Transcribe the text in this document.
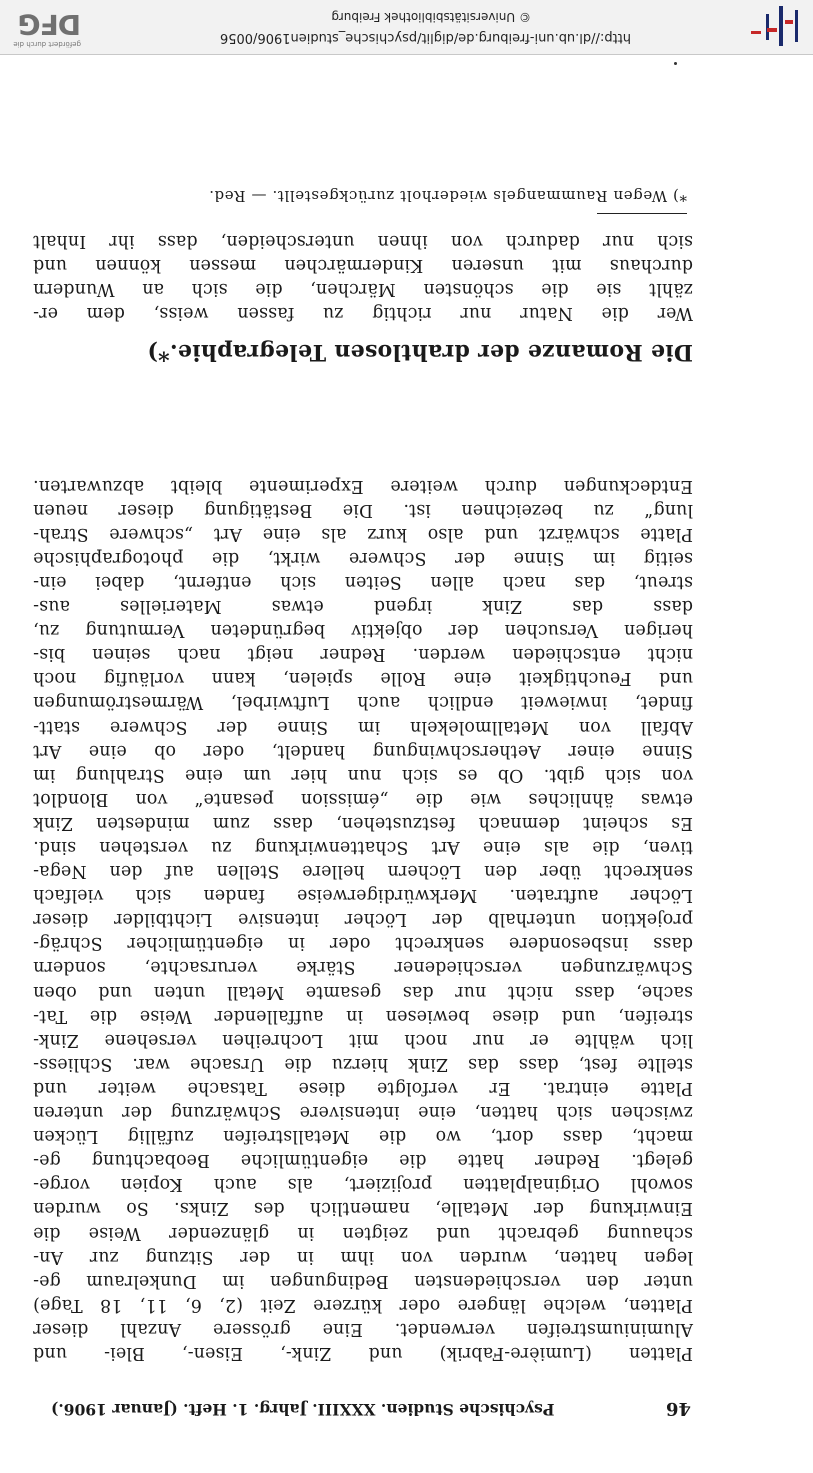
46
Psychische Studien. XXXIII. Jahrg. 1. Heft. (Januar 1906.)
Platten (Lumière-Fabrik) und Zink-, Eisen-, Blei- und
Aluminiumstreifen verwendet. Eine grössere Anzahl dieser
Platten, welche längere oder kürzere Zeit (2, 6, 11, 18 Tage)
unter den verschiedensten Bedingungen im Dunkelraum ge-
legen hatten, wurden von ihm in der Sitzung zur An-
schauung gebracht und zeigten in glänzender Weise die
Einwirkung der Metalle, namentlich des Zinks. So wurden
sowohl Originalplatten projiziert, als auch Kopien vorge-
gelegt. Redner hatte die eigentümliche Beobachtung ge-
macht, dass dort, wo die Metallstreifen zufällig Lücken
zwischen sich hatten, eine intensivere Schwärzung der unteren
Platte eintrat. Er verfolgte diese Tatsache weiter und
stellte fest, dass das Zink hierzu die Ursache war. Schliess-
lich wählte er nur noch mit Lochreihen versehene Zink-
streifen, und diese bewiesen in auffallender Weise die Tat-
sache, dass nicht nur das gesamte Metall unten und oben
Schwärzungen verschiedener Stärke verursachte, sondern
dass insbesondere senkrecht oder in eigentümlicher Schräg-
projektion unterhalb der Löcher intensive Lichtbilder dieser
Löcher auftraten. Merkwürdigerweise fanden sich vielfach
senkrecht über den Löchern hellere Stellen auf den Nega-
tiven, die als eine Art Schattenwirkung zu verstehen sind.
Es scheint demnach festzustehen, dass zum mindesten Zink
etwas ähnliches wie die „émission pesante“ von Blondlot
von sich gibt. Ob es sich nun hier um eine Strahlung im
Sinne einer Aetherschwingung handelt, oder ob eine Art
Abfall von Metallmolekeln im Sinne der Schwere statt-
findet, inwieweit endlich auch Luftwirbel, Wärmeströmungen
und Feuchtigkeit eine Rolle spielen, kann vorläufig noch
nicht entschieden werden. Redner neigt nach seinen bis-
herigen Versuchen der objektiv begründeten Vermutung zu,
dass das Zink irgend etwas Materielles aus-
streut, das nach allen Seiten sich entfernt, dabei ein-
seitig im Sinne der Schwere wirkt, die photographische
Platte schwärzt und also kurz als eine Art „schwere Strah-
lung“ zu bezeichnen ist. Die Bestätigung dieser neuen
Entdeckungen durch weitere Experimente bleibt abzuwarten.
Die Romanze der drahtlosen Telegraphie.*)
Wer die Natur nur richtig zu fassen weiss, dem er-
zählt sie die schönsten Märchen, die sich an Wundern
durchaus mit unseren Kindermärchen messen können und
sich nur dadurch von ihnen unterscheiden, dass ihr Inhalt
*) Wegen Raummangels wiederholt zurückgestellt. — Red.
http://dl.ub.uni-freiburg.de/diglit/psychische_studien1906/0056
© Universitätsbibliothek Freiburg
gefördert durch die
DFG
